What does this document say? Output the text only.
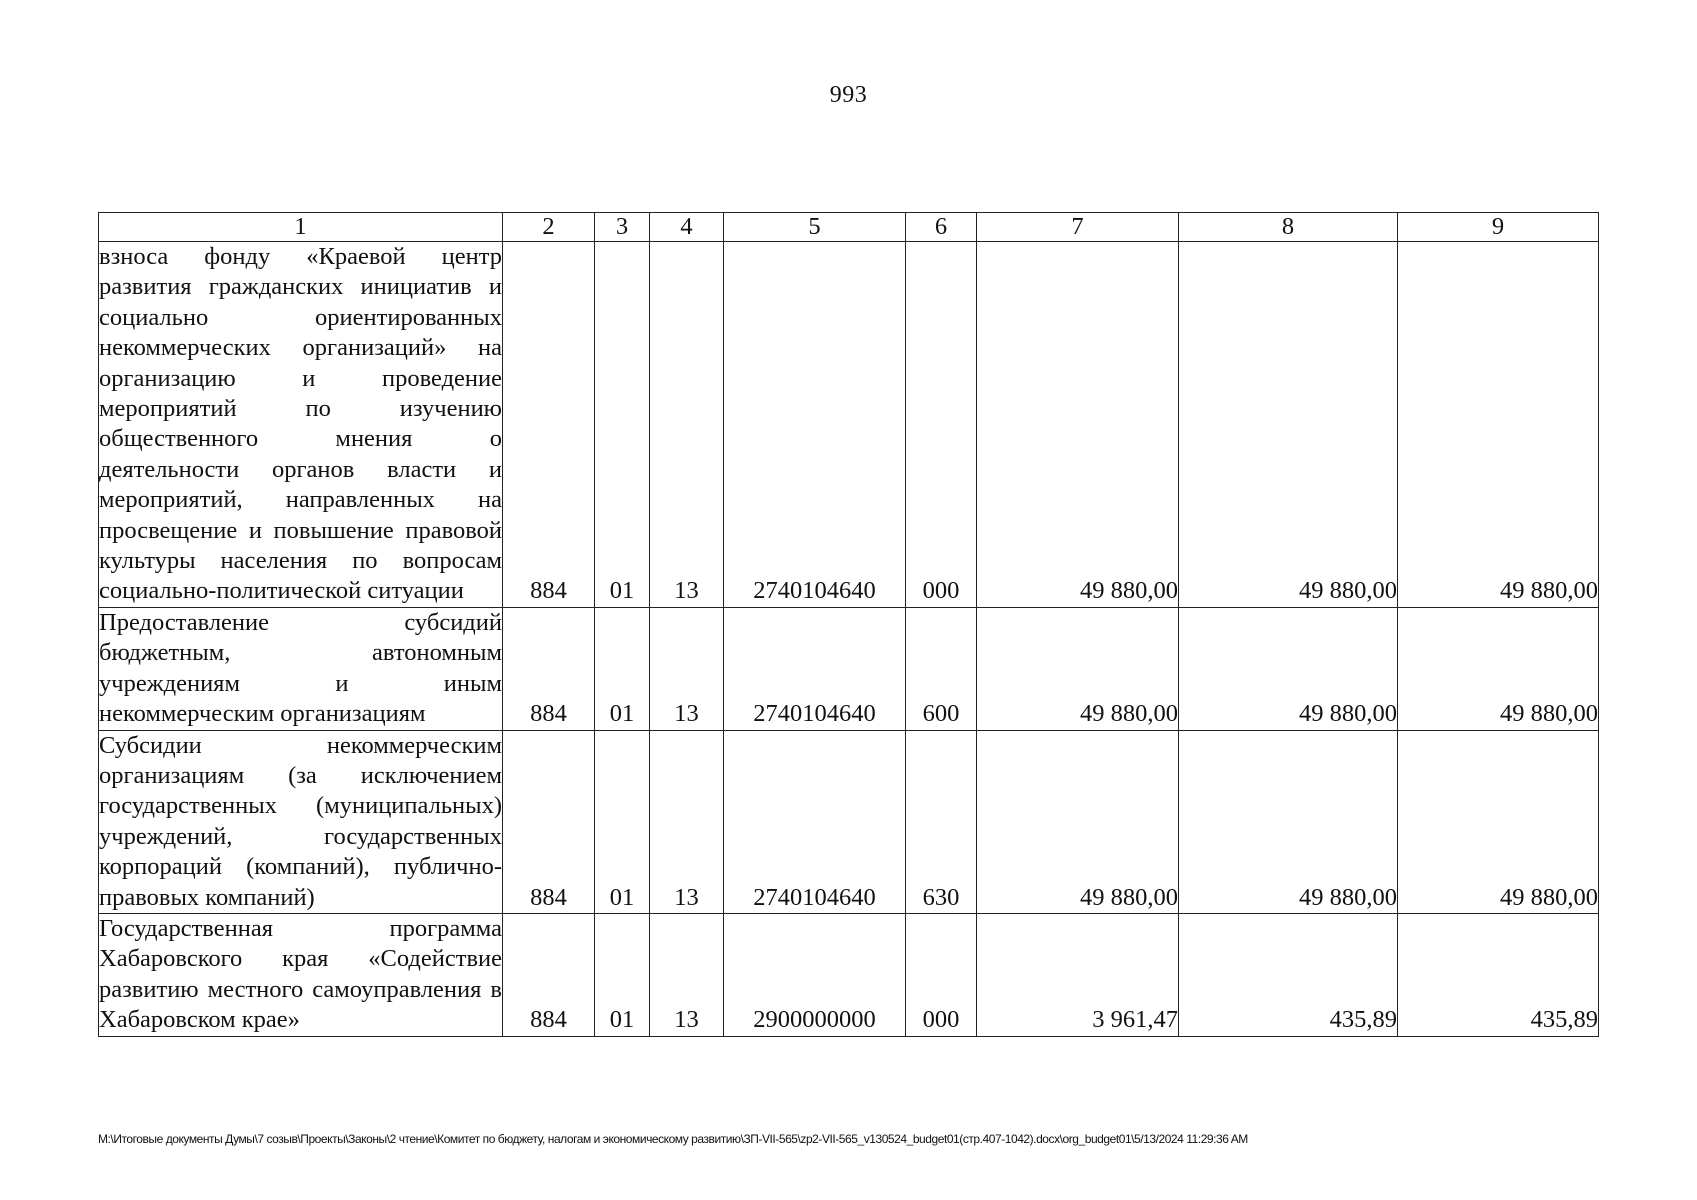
993
1	2	3	4	5	6	7	8	9
взноса фонду «Краевой центр развития гражданских инициатив и социально ориентированных некоммерческих организаций» на организацию и проведение мероприятий по изучению общественного мнения о деятельности органов власти и мероприятий, направленных на просвещение и повышение правовой культуры населения по вопросам социально-политической ситуации	884	01	13	2740104640	000	49 880,00	49 880,00	49 880,00
Предоставление субсидий бюджетным, автономным учреждениям и иным некоммерческим организациям	884	01	13	2740104640	600	49 880,00	49 880,00	49 880,00
Субсидии некоммерческим организациям (за исключением государственных (муниципальных) учреждений, государственных корпораций (компаний), публично-правовых компаний)	884	01	13	2740104640	630	49 880,00	49 880,00	49 880,00
Государственная программа Хабаровского края «Содействие развитию местного самоуправления в Хабаровском крае»	884	01	13	2900000000	000	3 961,47	435,89	435,89
M:\Итоговые документы Думы\7 созыв\Проекты\Законы\2 чтение\Комитет по бюджету, налогам и экономическому развитию\ЗП-VII-565\zp2-VII-565_v130524_budget01(стр.407-1042).docx\org_budget01\5/13/2024 11:29:36 AM
